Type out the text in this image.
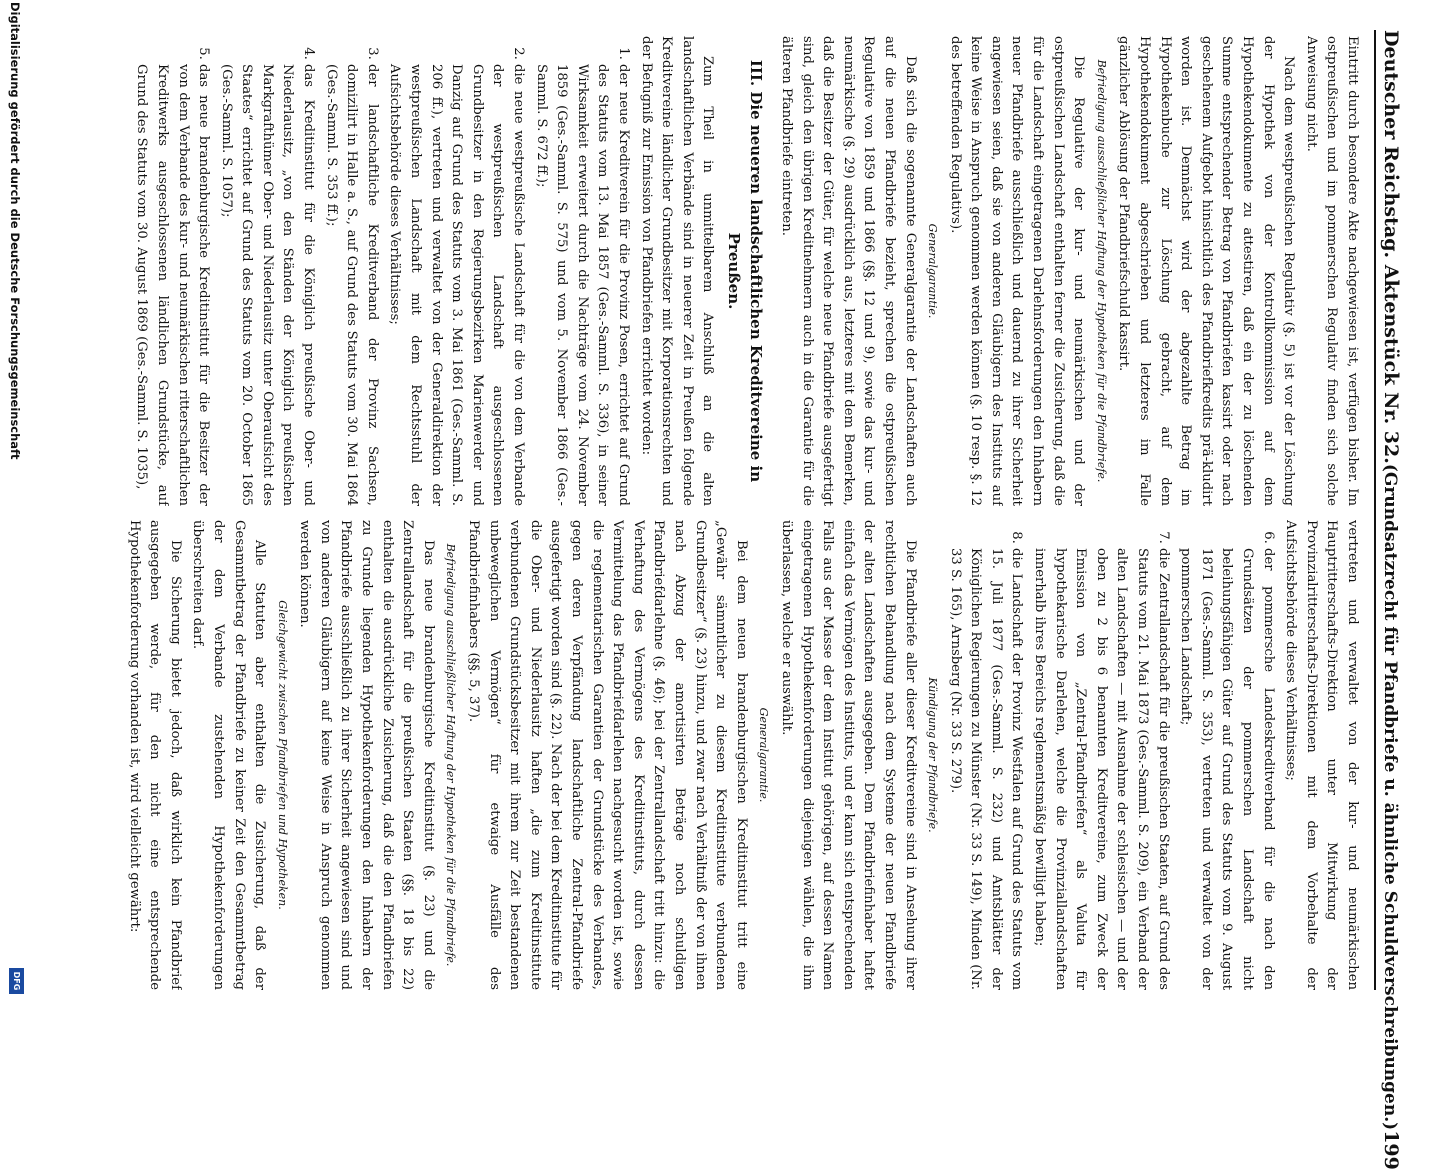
Deutscher Reichstag. Aktenstück Nr. 32.
(Grundsatzrecht für Pfandbriefe u. ähnliche Schuldverschreibungen.)
199

Eintritt durch besondere Akte nachgewiesen ist, verfügen bisher. Im ostpreußischen und im pommerschen Regulativ finden sich solche Anweisung nicht.

Nach dem westpreußischen Regulativ (§. 5) ist vor der Löschung der Hypothek von der Kontrollkommission auf dem Hypothekendokumente zu attestiren, daß ein der zu löschenden Summe entsprechender Betrag von Pfandbriefen kassirt oder nach geschehenem Aufgebot hinsichtlich des Pfandbriefkredits prä-kludirt worden ist. Demnächst wird der abgezahlte Betrag im Hypothekenbuche zur Löschung gebracht, auf dem Hypothekendokument abgeschrieben und letzteres im Falle gänzlicher Ablösung der Pfandbriefschuld kassirt.

Befriedigung ausschließlicher Haftung der Hypotheken für die Pfandbriefe.

Die Regulative der kur- und neumärkischen und der ostpreußischen Landschaft enthalten ferner die Zusicherung, daß die für die Landschaft eingetragenen Darlehnsforderungen den Inhabern neuer Pfandbriefe ausschließlich und dauernd zu ihrer Sicherheit angewiesen seien, daß sie von anderen Gläubigern des Instituts auf keine Weise in Anspruch genommen werden können (§. 10 resp. §. 12 des betreffenden Regulativs).

Generalgarantie.

Daß sich die sogenannte Generalgarantie der Landschaften auch auf die neuen Pfandbriefe bezieht, sprechen die ostpreußischen Regulative von 1859 und 1866 (§§. 12 und 9), sowie das kur- und neumärkische (§. 29) ausdrücklich aus, letzteres mit dem Bemerken, daß die Besitzer der Güter, für welche neue Pfandbriefe ausgefertigt sind, gleich den übrigen Kreditnehmern auch in die Garantie für die älteren Pfandbriefe eintreten.

III. Die neueren landschaftlichen Kreditvereine in Preußen.

Zum Theil in unmittelbarem Anschluß an die alten landschaftlichen Verbände sind in neuerer Zeit in Preußen folgende Kreditvereine ländlicher Grundbesitzer mit Korporationsrechten und der Befugniß zur Emission von Pfandbriefen errichtet worden:

1. der neue Kreditverein für die Provinz Posen, errichtet auf Grund des Statuts vom 13. Mai 1857 (Ges.-Samml. S. 336), in seiner Wirksamkeit erweitert durch die Nachträge vom 24. November 1859 (Ges.-Samml. S. 575) und vom 5. November 1866 (Ges.-Samml. S. 672 ff.);
2. die neue westpreußische Landschaft für die von dem Verbande der westpreußischen Landschaft ausgeschlossenen Grundbesitzer in den Regierungsbezirken Marienwerder und Danzig auf Grund des Statuts vom 3. Mai 1861 (Ges.-Samml. S. 206 ff.), vertreten und verwaltet von der Generaldirektion der westpreußischen Landschaft mit dem Rechtsstuhl der Aufsichtsbehörde dieses Verhältnisses;
3. der landschaftliche Kreditverband der Provinz Sachsen, domizilirt in Halle a. S., auf Grund des Statuts vom 30. Mai 1864 (Ges.-Samml. S. 353 ff.);
4. das Kreditinstitut für die Königlich preußische Ober- und Niederlausitz, „von den Ständen der Königlich preußischen Markgrafthümer Ober- und Niederlausitz unter Oberaufsicht des Staates“ errichtet auf Grund des Statuts vom 20. October 1865 (Ges.-Samml. S. 1057);
5. das neue brandenburgische Kreditinstitut für die Besitzer der von dem Verbande des kur- und neumärkischen ritterschaftlichen Kreditwerks ausgeschlossenen ländlichen Grundstücke, auf Grund des Statuts vom 30. August 1869 (Ges.-Samml. S. 1035),

vertreten und verwaltet von der kur- und neumärkischen Hauptritterschafts-Direktion unter Mitwirkung der Provinzialritterschafts-Direktionen mit dem Vorbehalte der Aufsichtsbehörde dieses Verhältnisses;

6. der pommersche Landeskreditverband für die nach den Grundsätzen der pommerschen Landschaft nicht beleihungsfähigen Güter auf Grund des Statuts vom 9. August 1871 (Ges.-Samml. S. 353), vertreten und verwaltet von der pommerschen Landschaft;
7. die Zentrallandschaft für die preußischen Staaten, auf Grund des Statuts vom 21. Mai 1873 (Ges.-Samml. S. 209), ein Verband der alten Landschaften — mit Ausnahme der schlesischen — und der oben zu 2 bis 6 benannten Kreditvereine, zum Zweck der Emission von „Zentral-Pfandbriefen“ als Valuta für hypothekarische Darlehen, welche die Provinziallandschaften innerhalb ihres Bereichs reglementsmäßig bewilligt haben;
8. die Landschaft der Provinz Westfalen auf Grund des Statuts vom 15. Juli 1877 (Ges.-Samml. S. 232) und Amtsblätter der Königlichen Regierungen zu Münster (Nr. 33 S. 149), Minden (Nr. 33 S. 165), Arnsberg (Nr. 33 S. 279).

Kündigung der Pfandbriefe.

Die Pfandbriefe aller dieser Kreditvereine sind in Ansehung ihrer rechtlichen Behandlung nach dem Systeme der neuen Pfandbriefe der alten Landschaften ausgegeben. Dem Pfandbriefinhaber haftet einfach das Vermögen des Instituts, und er kann sich entsprechenden Falls aus der Masse der dem Institut gehörigen, auf dessen Namen eingetragenen Hypothekenforderungen diejenigen wählen, die ihm überlassen, welche er auswählt.

Generalgarantie.

Bei dem neuen brandenburgischen Kreditinstitut tritt eine „Gewähr sämmtlicher zu diesem Kreditinstitute verbundenen Grundbesitzer“ (§. 23) hinzu, und zwar nach Verhältniß der von ihnen nach Abzug der amortisirten Beträge noch schuldigen Pfandbriefdarlehne (§. 46); bei der Zentrallandschaft tritt hinzu: die Verhaftung des Vermögens des Kreditinstituts, durch dessen Vermittelung das Pfandbriefdarlehen nachgesucht worden ist, sowie die reglementarischen Garantien der Grundstücke des Verbandes, gegen deren Verpfändung landschaftliche Zentral-Pfandbriefe ausgefertigt worden sind (§. 22). Nach der bei dem Kreditinstitute für die Ober- und Niederlausitz haften „die zum Kreditinstitute verbundenen Grundstücksbesitzer mit ihrem zur Zeit bestandenen unbeweglichen Vermögen“ für etwaige Ausfälle des Pfandbriefinhabers (§§. 5, 37).

Befriedigung ausschließlicher Haftung der Hypotheken für die Pfandbriefe.

Das neue brandenburgische Kreditinstitut (§. 23) und die Zentrallandschaft für die preußischen Staaten (§§. 18 bis 22) enthalten die ausdrückliche Zusicherung, daß die den Pfandbriefen zu Grunde liegenden Hypothekenforderungen den Inhabern der Pfandbriefe ausschließlich zu ihrer Sicherheit angewiesen sind und von anderen Gläubigern auf keine Weise in Anspruch genommen werden können.

Gleichgewicht zwischen Pfandbriefen und Hypotheken.

Alle Statuten aber enthalten die Zusicherung, daß der Gesammtbetrag der Pfandbriefe zu keiner Zeit den Gesammtbetrag der dem Verbande zustehenden Hypothekenforderungen überschreiten darf.

Die Sicherung bietet jedoch, daß wirklich kein Pfandbrief ausgegeben werde, für den nicht eine entsprechende Hypothekenforderung vorhanden ist, wird vielleicht gewährt:

Digitalisierung gefördert durch die Deutsche Forschungsgemeinschaft
DFG
